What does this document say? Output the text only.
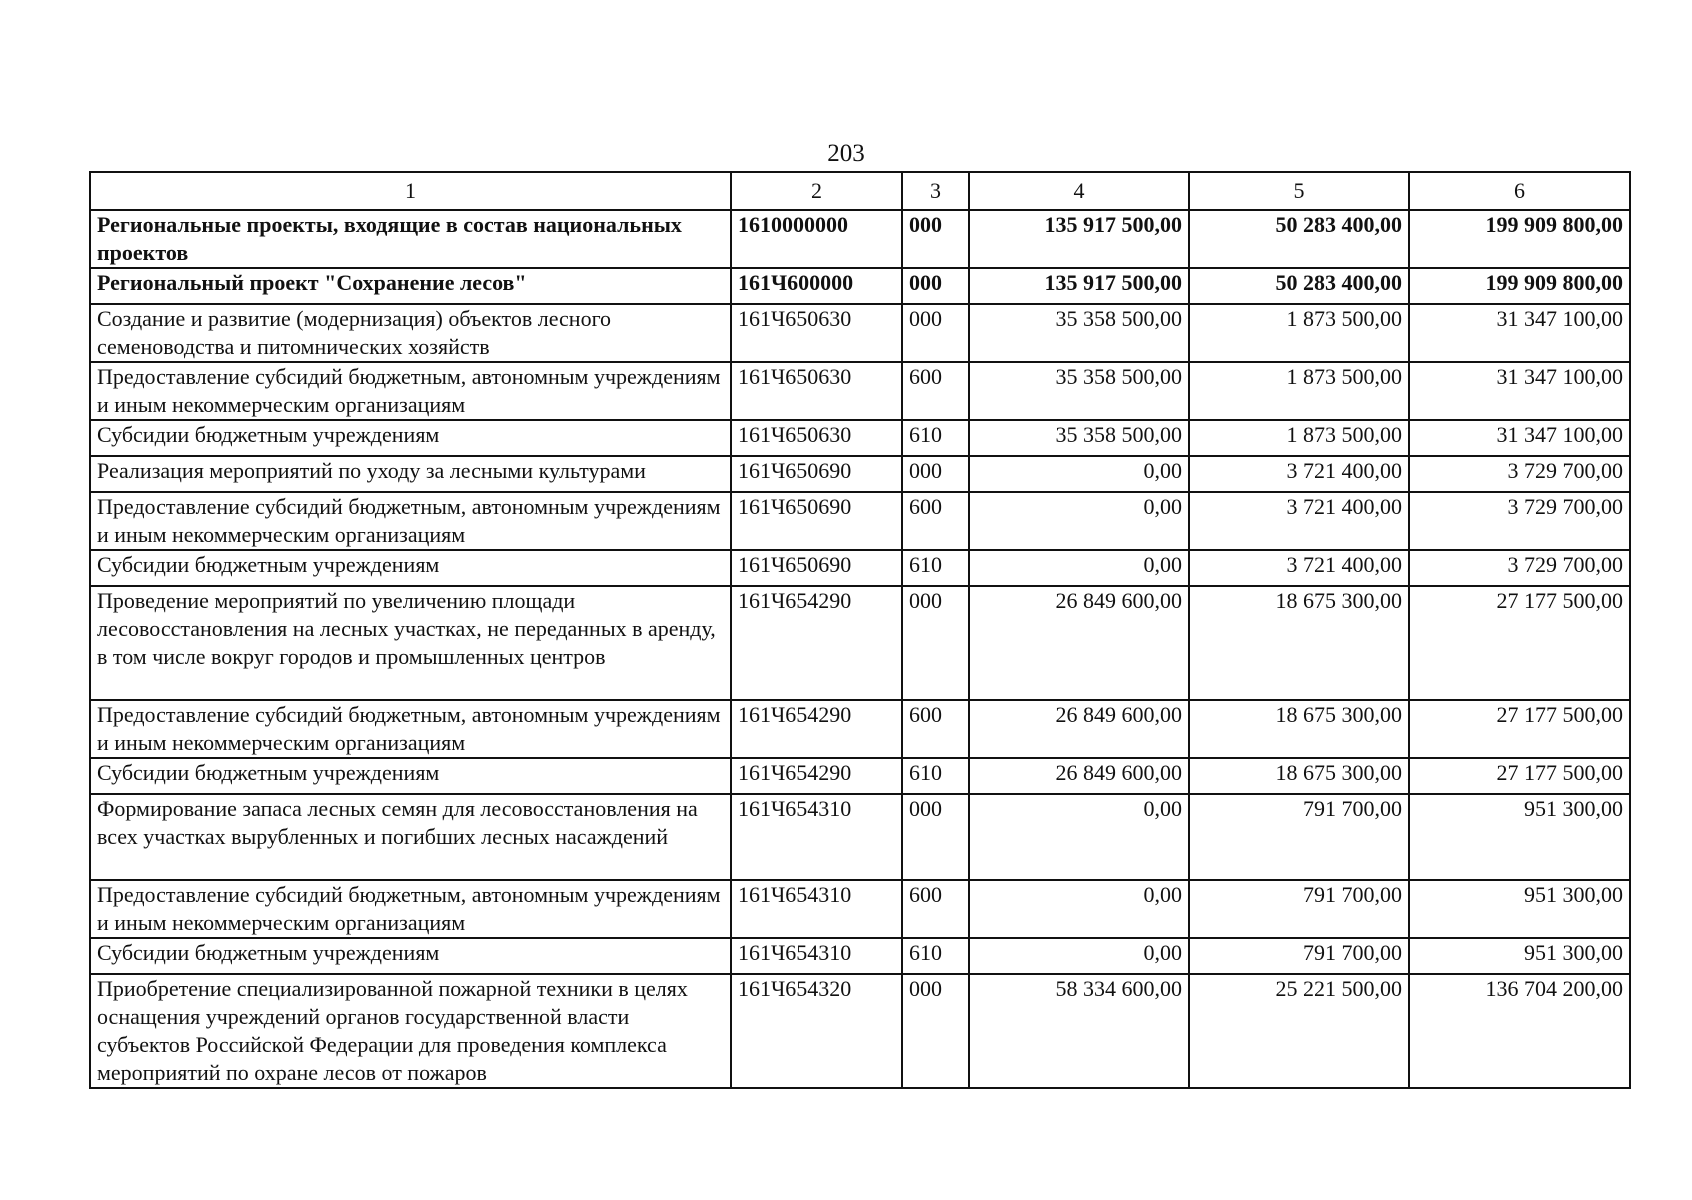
203
1	2	3	4	5	6
Региональные проекты, входящие в состав национальных проектов	1610000000	000	135 917 500,00	50 283 400,00	199 909 800,00
Региональный проект "Сохранение лесов"	161Ч600000	000	135 917 500,00	50 283 400,00	199 909 800,00
Создание и развитие (модернизация) объектов лесного семеноводства и питомнических хозяйств	161Ч650630	000	35 358 500,00	1 873 500,00	31 347 100,00
Предоставление субсидий бюджетным, автономным учреждениям и иным некоммерческим организациям	161Ч650630	600	35 358 500,00	1 873 500,00	31 347 100,00
Субсидии бюджетным учреждениям	161Ч650630	610	35 358 500,00	1 873 500,00	31 347 100,00
Реализация мероприятий по уходу за лесными культурами	161Ч650690	000	0,00	3 721 400,00	3 729 700,00
Предоставление субсидий бюджетным, автономным учреждениям и иным некоммерческим организациям	161Ч650690	600	0,00	3 721 400,00	3 729 700,00
Субсидии бюджетным учреждениям	161Ч650690	610	0,00	3 721 400,00	3 729 700,00
Проведение мероприятий по увеличению площади лесовосстановления на лесных участках, не переданных в аренду, в том числе вокруг городов и промышленных центров	161Ч654290	000	26 849 600,00	18 675 300,00	27 177 500,00
Предоставление субсидий бюджетным, автономным учреждениям и иным некоммерческим организациям	161Ч654290	600	26 849 600,00	18 675 300,00	27 177 500,00
Субсидии бюджетным учреждениям	161Ч654290	610	26 849 600,00	18 675 300,00	27 177 500,00
Формирование запаса лесных семян для лесовосстановления на всех участках вырубленных и погибших лесных насаждений	161Ч654310	000	0,00	791 700,00	951 300,00
Предоставление субсидий бюджетным, автономным учреждениям и иным некоммерческим организациям	161Ч654310	600	0,00	791 700,00	951 300,00
Субсидии бюджетным учреждениям	161Ч654310	610	0,00	791 700,00	951 300,00
Приобретение специализированной пожарной техники в целях оснащения учреждений органов государственной власти субъектов Российской Федерации для проведения комплекса мероприятий по охране лесов от пожаров	161Ч654320	000	58 334 600,00	25 221 500,00	136 704 200,00
